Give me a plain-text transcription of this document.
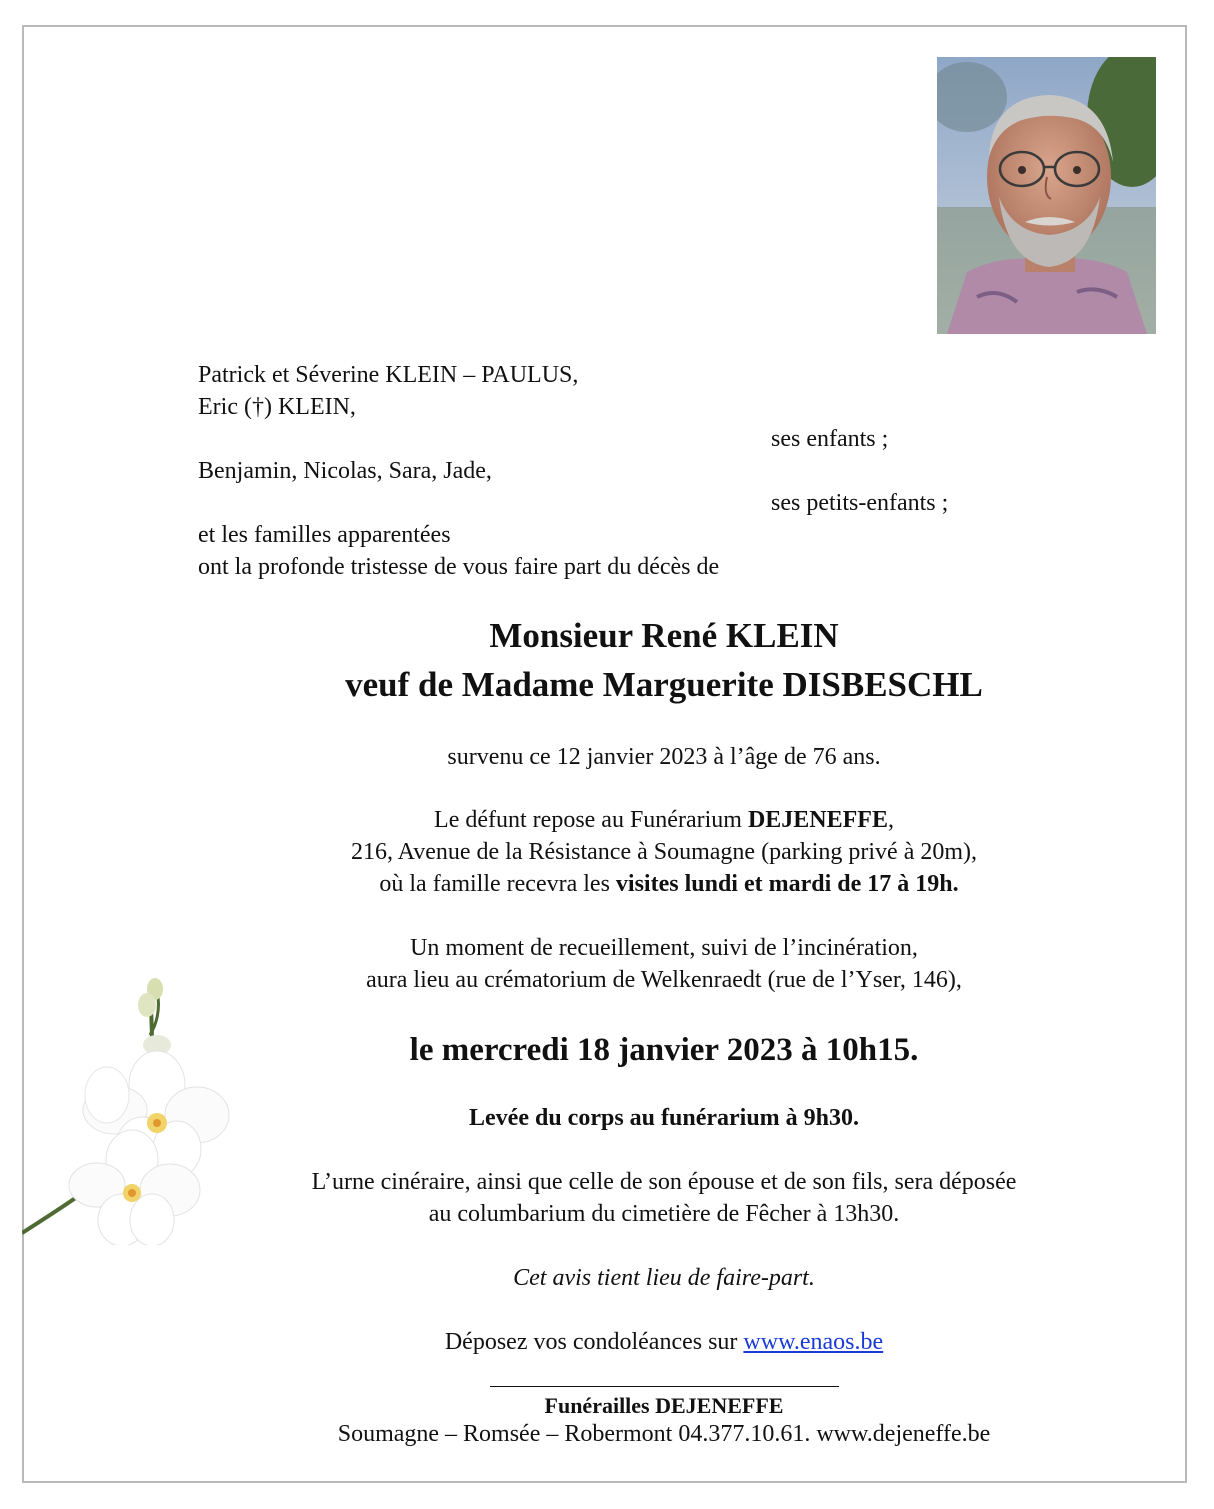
Patrick et Séverine KLEIN – PAULUS,
Eric (†) KLEIN,
ses enfants ;
Benjamin, Nicolas, Sara, Jade,
ses petits-enfants ;
et les familles apparentées
ont la profonde tristesse de vous faire part du décès de
Monsieur René KLEIN
veuf de Madame Marguerite DISBESCHL
survenu ce 12 janvier 2023 à l’âge de 76 ans.
Le défunt repose au Funérarium DEJENEFFE,
216, Avenue de la Résistance à Soumagne (parking privé à 20m),
où la famille recevra les visites lundi et mardi de 17 à 19h.
Un moment de recueillement, suivi de l’incinération,
aura lieu au crématorium de Welkenraedt (rue de l’Yser, 146),
le mercredi 18 janvier 2023 à 10h15.
Levée du corps au funérarium à 9h30.
L’urne cinéraire, ainsi que celle de son épouse et de son fils, sera déposée
au columbarium du cimetière de Fêcher à 13h30.
Cet avis tient lieu de faire-part.
Déposez vos condoléances sur www.enaos.be
Funérailles DEJENEFFE
Soumagne – Romsée – Robermont 04.377.10.61. www.dejeneffe.be
